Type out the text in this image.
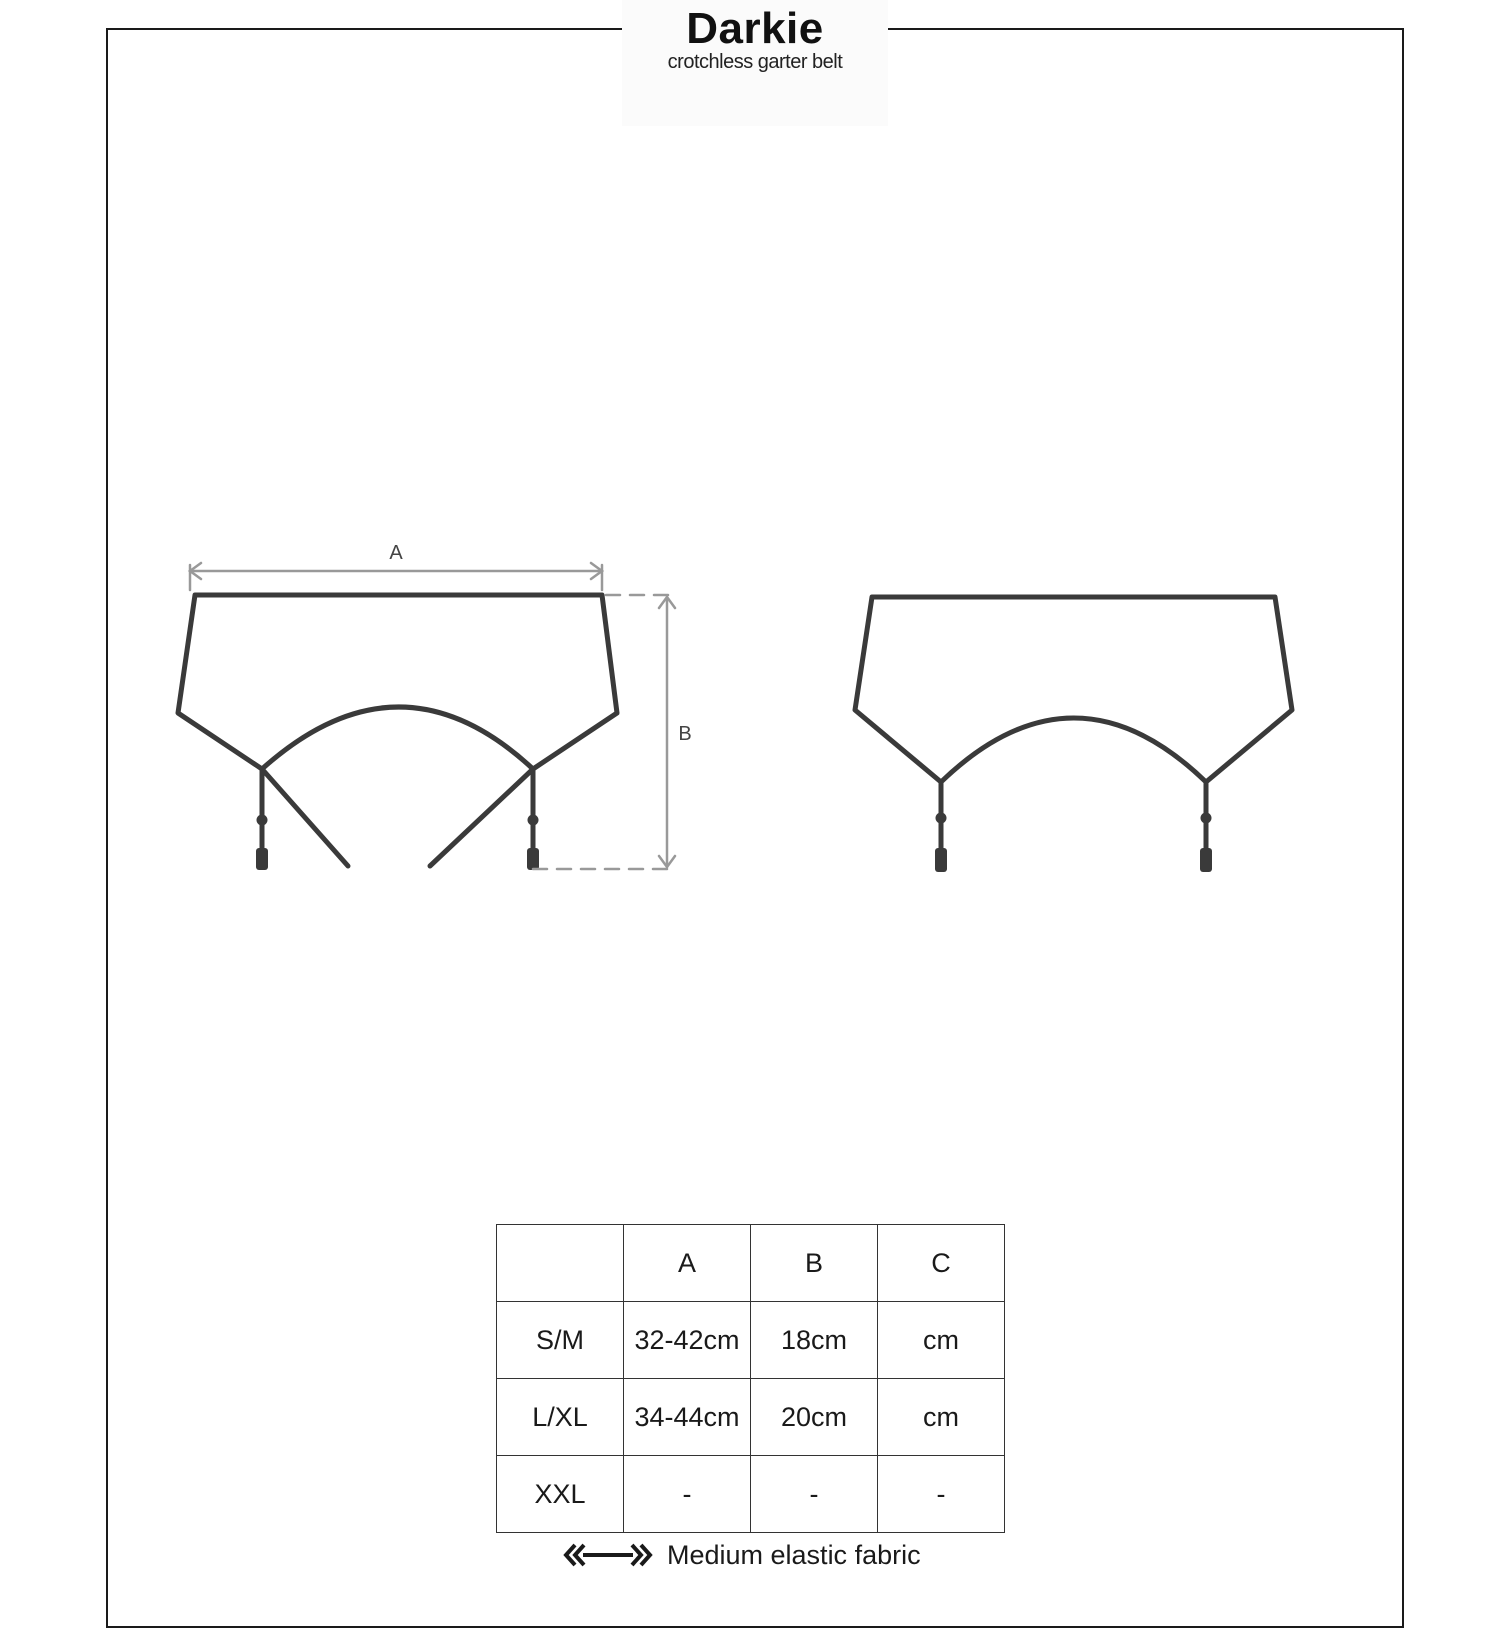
Darkie
crotchless garter belt
A
B
	A	B	C
S/M	32-42cm	18cm	cm
L/XL	34-44cm	20cm	cm
XXL	-	-	-
Medium elastic fabric
